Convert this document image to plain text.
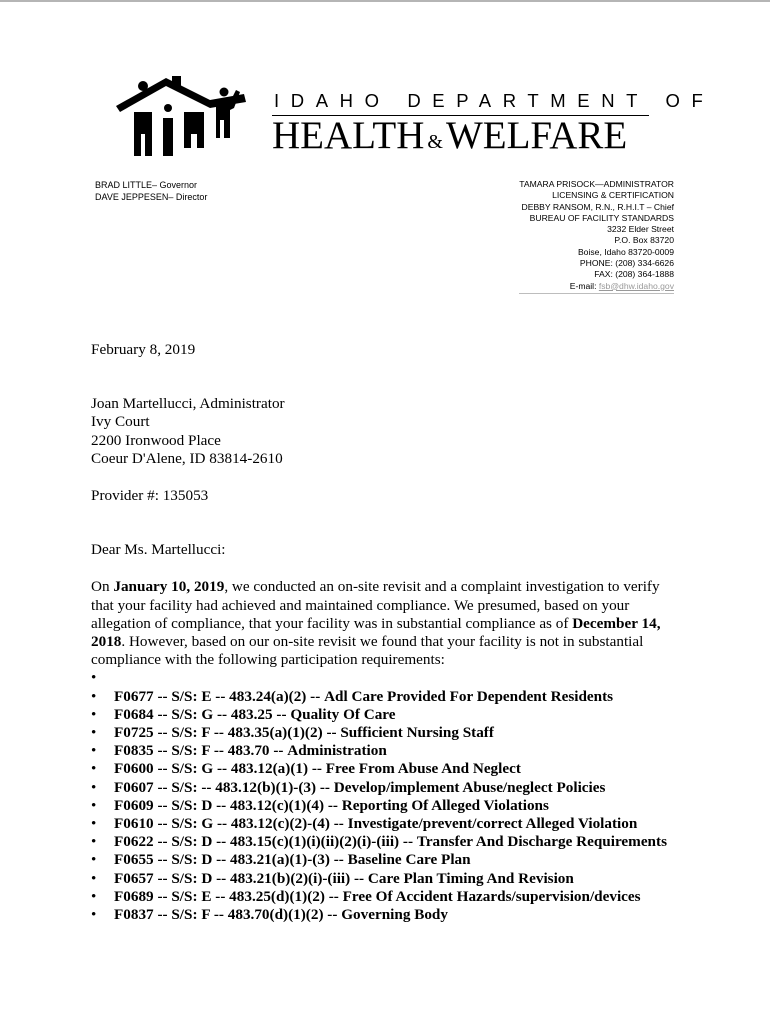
IDAHO DEPARTMENT OF
HEALTH &WELFARE
BRAD LITTLE– Governor
DAVE JEPPESEN– Director
TAMARA PRISOCK—ADMINISTRATOR
LICENSING & CERTIFICATION
DEBBY RANSOM, R.N., R.H.I.T – Chief
BUREAU OF FACILITY STANDARDS
3232 Elder Street
P.O. Box 83720
Boise, Idaho 83720-0009
PHONE: (208) 334-6626
FAX: (208) 364-1888
E-mail: fsb@dhw.idaho.gov

February 8, 2019

Joan Martellucci, Administrator
Ivy Court
2200 Ironwood Place
Coeur D'Alene, ID 83814-2610

Provider #: 135053

Dear Ms. Martellucci:

On January 10, 2019, we conducted an on-site revisit and a complaint investigation to verify that your facility had achieved and maintained compliance. We presumed, based on your allegation of compliance, that your facility was in substantial compliance as of December 14, 2018. However, based on our on-site revisit we found that your facility is not in substantial compliance with the following participation requirements:

•
• F0677 -- S/S: E -- 483.24(a)(2) -- Adl Care Provided For Dependent Residents
• F0684 -- S/S: G -- 483.25 -- Quality Of Care
• F0725 -- S/S: F -- 483.35(a)(1)(2) -- Sufficient Nursing Staff
• F0835 -- S/S: F -- 483.70 -- Administration
• F0600 -- S/S: G -- 483.12(a)(1) -- Free From Abuse And Neglect
• F0607 -- S/S: -- 483.12(b)(1)-(3) -- Develop/implement Abuse/neglect Policies
• F0609 -- S/S: D -- 483.12(c)(1)(4) -- Reporting Of Alleged Violations
• F0610 -- S/S: G -- 483.12(c)(2)-(4) -- Investigate/prevent/correct Alleged Violation
• F0622 -- S/S: D -- 483.15(c)(1)(i)(ii)(2)(i)-(iii) -- Transfer And Discharge Requirements
• F0655 -- S/S: D -- 483.21(a)(1)-(3) -- Baseline Care Plan
• F0657 -- S/S: D -- 483.21(b)(2)(i)-(iii) -- Care Plan Timing And Revision
• F0689 -- S/S: E -- 483.25(d)(1)(2) -- Free Of Accident Hazards/supervision/devices
• F0837 -- S/S: F -- 483.70(d)(1)(2) -- Governing Body
